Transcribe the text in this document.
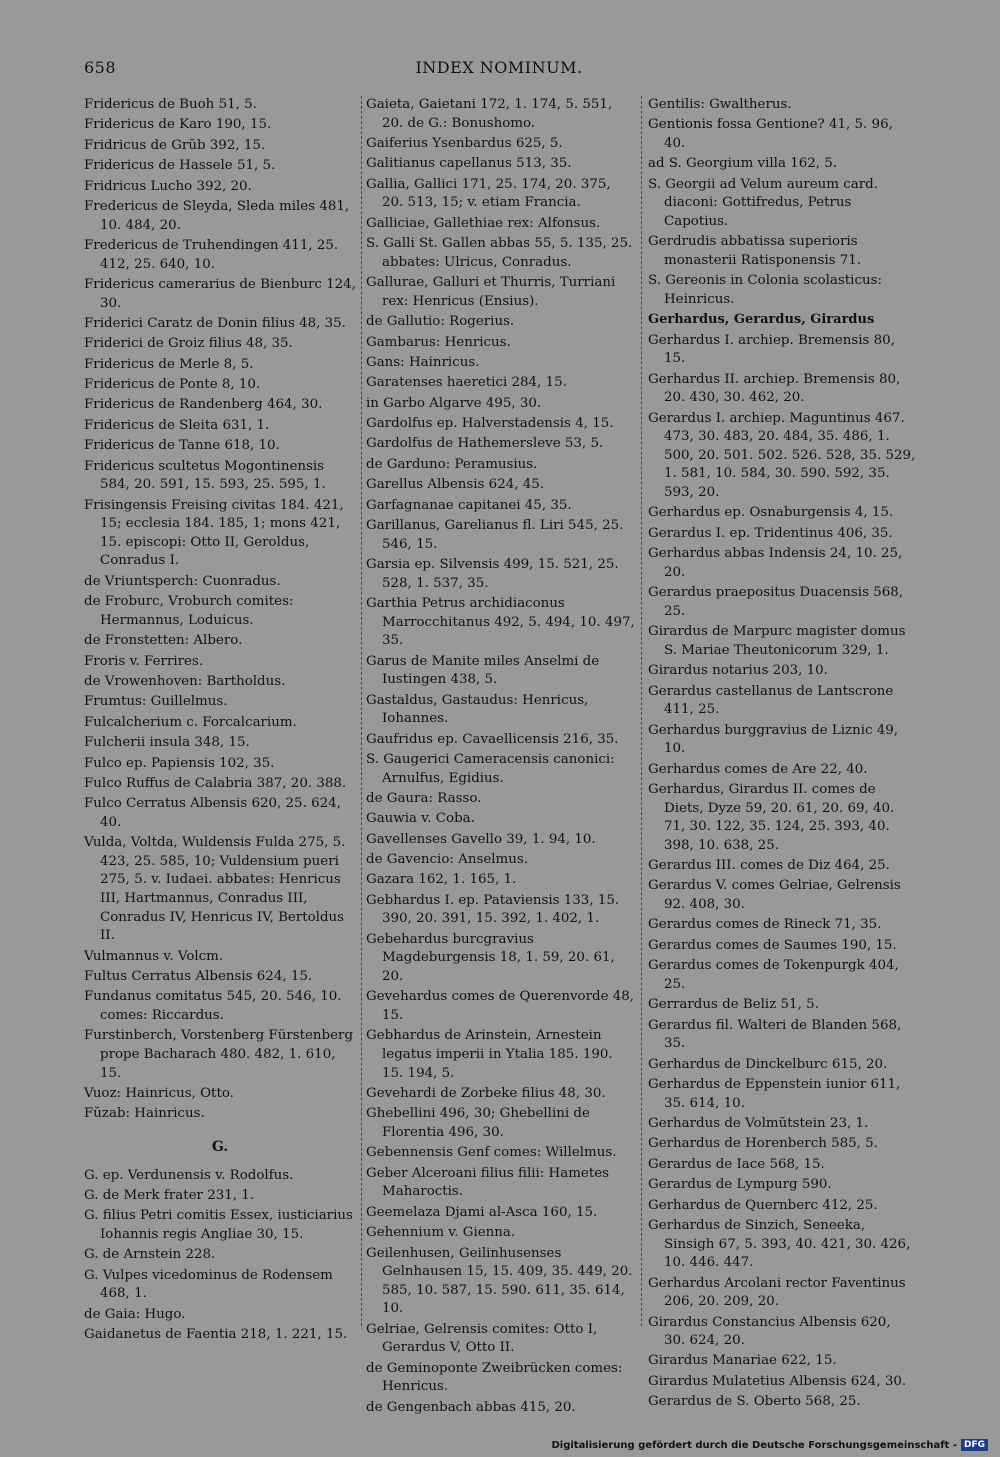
658	INDEX NOMINUM.
Fridericus de Buoh 51, 5.
Fridericus de Karo 190, 15.
Fridricus de Grŭb 392, 15.
Fridericus de Hassele 51, 5.
Fridricus Lucho 392, 20.
Fredericus de Sleyda, Sleda miles 481, 10. 484, 20.
Fredericus de Truhendingen 411, 25. 412, 25. 640, 10.
Fridericus camerarius de Bienburc 124, 30.
Friderici Caratz de Donin filius 48, 35.
Friderici de Groiz filius 48, 35.
Fridericus de Merle 8, 5.
Fridericus de Ponte 8, 10.
Fridericus de Randenberg 464, 30.
Fridericus de Sleita 631, 1.
Fridericus de Tanne 618, 10.
Fridericus scultetus Mogontinensis 584, 20. 591, 15. 593, 25. 595, 1.
Frisingensis Freising civitas 184. 421, 15; ecclesia 184. 185, 1; mons 421, 15. episcopi: Otto II, Geroldus, Conradus I.
de Vriuntsperch: Cuonradus.
de Froburc, Vroburch comites: Hermannus, Loduicus.
de Fronstetten: Albero.
Froris v. Ferrires.
de Vrowenhoven: Bartholdus.
Frumtus: Guillelmus.
Fulcalcherium c. Forcalcarium.
Fulcherii insula 348, 15.
Fulco ep. Papiensis 102, 35.
Fulco Ruffus de Calabria 387, 20. 388.
Fulco Cerratus Albensis 620, 25. 624, 40.
Vulda, Voltda, Wuldensis Fulda 275, 5. 423, 25. 585, 10; Vuldensium pueri 275, 5. v. Iudaei. abbates: Henricus III, Hartmannus, Conradus III, Conradus IV, Henricus IV, Bertoldus II.
Vulmannus v. Volcm.
Fultus Cerratus Albensis 624, 15.
Fundanus comitatus 545, 20. 546, 10. comes: Riccardus.
Furstinberch, Vorstenberg Fürstenberg prope Bacharach 480. 482, 1. 610, 15.
Vuoz: Hainricus, Otto.
Fŭzab: Hainricus.
G.
G. ep. Verdunensis v. Rodolfus.
G. de Merk frater 231, 1.
G. filius Petri comitis Essex, iusticiarius Iohannis regis Angliae 30, 15.
G. de Arnstein 228.
G. Vulpes vicedominus de Rodensem 468, 1.
de Gaia: Hugo.
Gaidanetus de Faentia 218, 1. 221, 15.
Gaieta, Gaietani 172, 1. 174, 5. 551, 20. de G.: Bonushomo.
Gaiferius Ysenbardus 625, 5.
Galitianus capellanus 513, 35.
Gallia, Gallici 171, 25. 174, 20. 375, 20. 513, 15; v. etiam Francia.
Galliciae, Gallethiae rex: Alfonsus.
S. Galli St. Gallen abbas 55, 5. 135, 25. abbates: Ulricus, Conradus.
Gallurae, Galluri et Thurris, Turriani rex: Henricus (Ensius).
de Gallutio: Rogerius.
Gambarus: Henricus.
Gans: Hainricus.
Garatenses haeretici 284, 15.
in Garbo Algarve 495, 30.
Gardolfus ep. Halverstadensis 4, 15.
Gardolfus de Hathemersleve 53, 5.
de Garduno: Peramusius.
Garellus Albensis 624, 45.
Garfagnanae capitanei 45, 35.
Garillanus, Garelianus fl. Liri 545, 25. 546, 15.
Garsia ep. Silvensis 499, 15. 521, 25. 528, 1. 537, 35.
Garthia Petrus archidiaconus Marrocchitanus 492, 5. 494, 10. 497, 35.
Garus de Manite miles Anselmi de Iustingen 438, 5.
Gastaldus, Gastaudus: Henricus, Iohannes.
Gaufridus ep. Cavaellicensis 216, 35.
S. Gaugerici Cameracensis canonici: Arnulfus, Egidius.
de Gaura: Rasso.
Gauwia v. Coba.
Gavellenses Gavello 39, 1. 94, 10.
de Gavencio: Anselmus.
Gazara 162, 1. 165, 1.
Gebhardus I. ep. Pataviensis 133, 15. 390, 20. 391, 15. 392, 1. 402, 1.
Gebehardus burcgravius Magdeburgensis 18, 1. 59, 20. 61, 20.
Gevehardus comes de Querenvorde 48, 15.
Gebhardus de Arinstein, Arnestein legatus imperii in Ytalia 185. 190. 15. 194, 5.
Gevehardi de Zorbeke filius 48, 30.
Ghebellini 496, 30; Ghebellini de Florentia 496, 30.
Gebennensis Genf comes: Willelmus.
Geber Alceroani filius filii: Hametes Maharoctis.
Geemelaza Djami al-Asca 160, 15.
Gehennium v. Gienna.
Geilenhusen, Geilinhusenses Gelnhausen 15, 15. 409, 35. 449, 20. 585, 10. 587, 15. 590. 611, 35. 614, 10.
Gelriae, Gelrensis comites: Otto I, Gerardus V, Otto II.
de Geminoponte Zweibrücken comes: Henricus.
de Gengenbach abbas 415, 20.
Gentilis: Gwaltherus.
Gentionis fossa Gentione? 41, 5. 96, 40.
ad S. Georgium villa 162, 5.
S. Georgii ad Velum aureum card. diaconi: Gottifredus, Petrus Capotius.
Gerdrudis abbatissa superioris monasterii Ratisponensis 71.
S. Gereonis in Colonia scolasticus: Heinricus.
Gerhardus, Gerardus, Girardus
Gerhardus I. archiep. Bremensis 80, 15.
Gerhardus II. archiep. Bremensis 80, 20. 430, 30. 462, 20.
Gerardus I. archiep. Maguntinus 467. 473, 30. 483, 20. 484, 35. 486, 1. 500, 20. 501. 502. 526. 528, 35. 529, 1. 581, 10. 584, 30. 590. 592, 35. 593, 20.
Gerhardus ep. Osnaburgensis 4, 15.
Gerardus I. ep. Tridentinus 406, 35.
Gerhardus abbas Indensis 24, 10. 25, 20.
Gerardus praepositus Duacensis 568, 25.
Girardus de Marpurc magister domus S. Mariae Theutonicorum 329, 1.
Girardus notarius 203, 10.
Gerardus castellanus de Lantscrone 411, 25.
Gerhardus burggravius de Liznic 49, 10.
Gerhardus comes de Are 22, 40.
Gerhardus, Girardus II. comes de Diets, Dyze 59, 20. 61, 20. 69, 40. 71, 30. 122, 35. 124, 25. 393, 40. 398, 10. 638, 25.
Gerardus III. comes de Diz 464, 25.
Gerardus V. comes Gelriae, Gelrensis 92. 408, 30.
Gerardus comes de Rineck 71, 35.
Gerardus comes de Saumes 190, 15.
Gerardus comes de Tokenpurgk 404, 25.
Gerrardus de Beliz 51, 5.
Gerardus fil. Walteri de Blanden 568, 35.
Gerhardus de Dinckelburc 615, 20.
Gerhardus de Eppenstein iunior 611, 35. 614, 10.
Gerhardus de Volmŭtstein 23, 1.
Gerhardus de Horenberch 585, 5.
Gerardus de Iace 568, 15.
Gerardus de Lympurg 590.
Gerhardus de Quernberc 412, 25.
Gerhardus de Sinzich, Seneeka, Sinsigh 67, 5. 393, 40. 421, 30. 426, 10. 446. 447.
Gerhardus Arcolani rector Faventinus 206, 20. 209, 20.
Girardus Constancius Albensis 620, 30. 624, 20.
Girardus Manariae 622, 15.
Girardus Mulatetius Albensis 624, 30.
Gerardus de S. Oberto 568, 25.
Digitalisierung gefördert durch die Deutsche Forschungsgemeinschaft - DFG
